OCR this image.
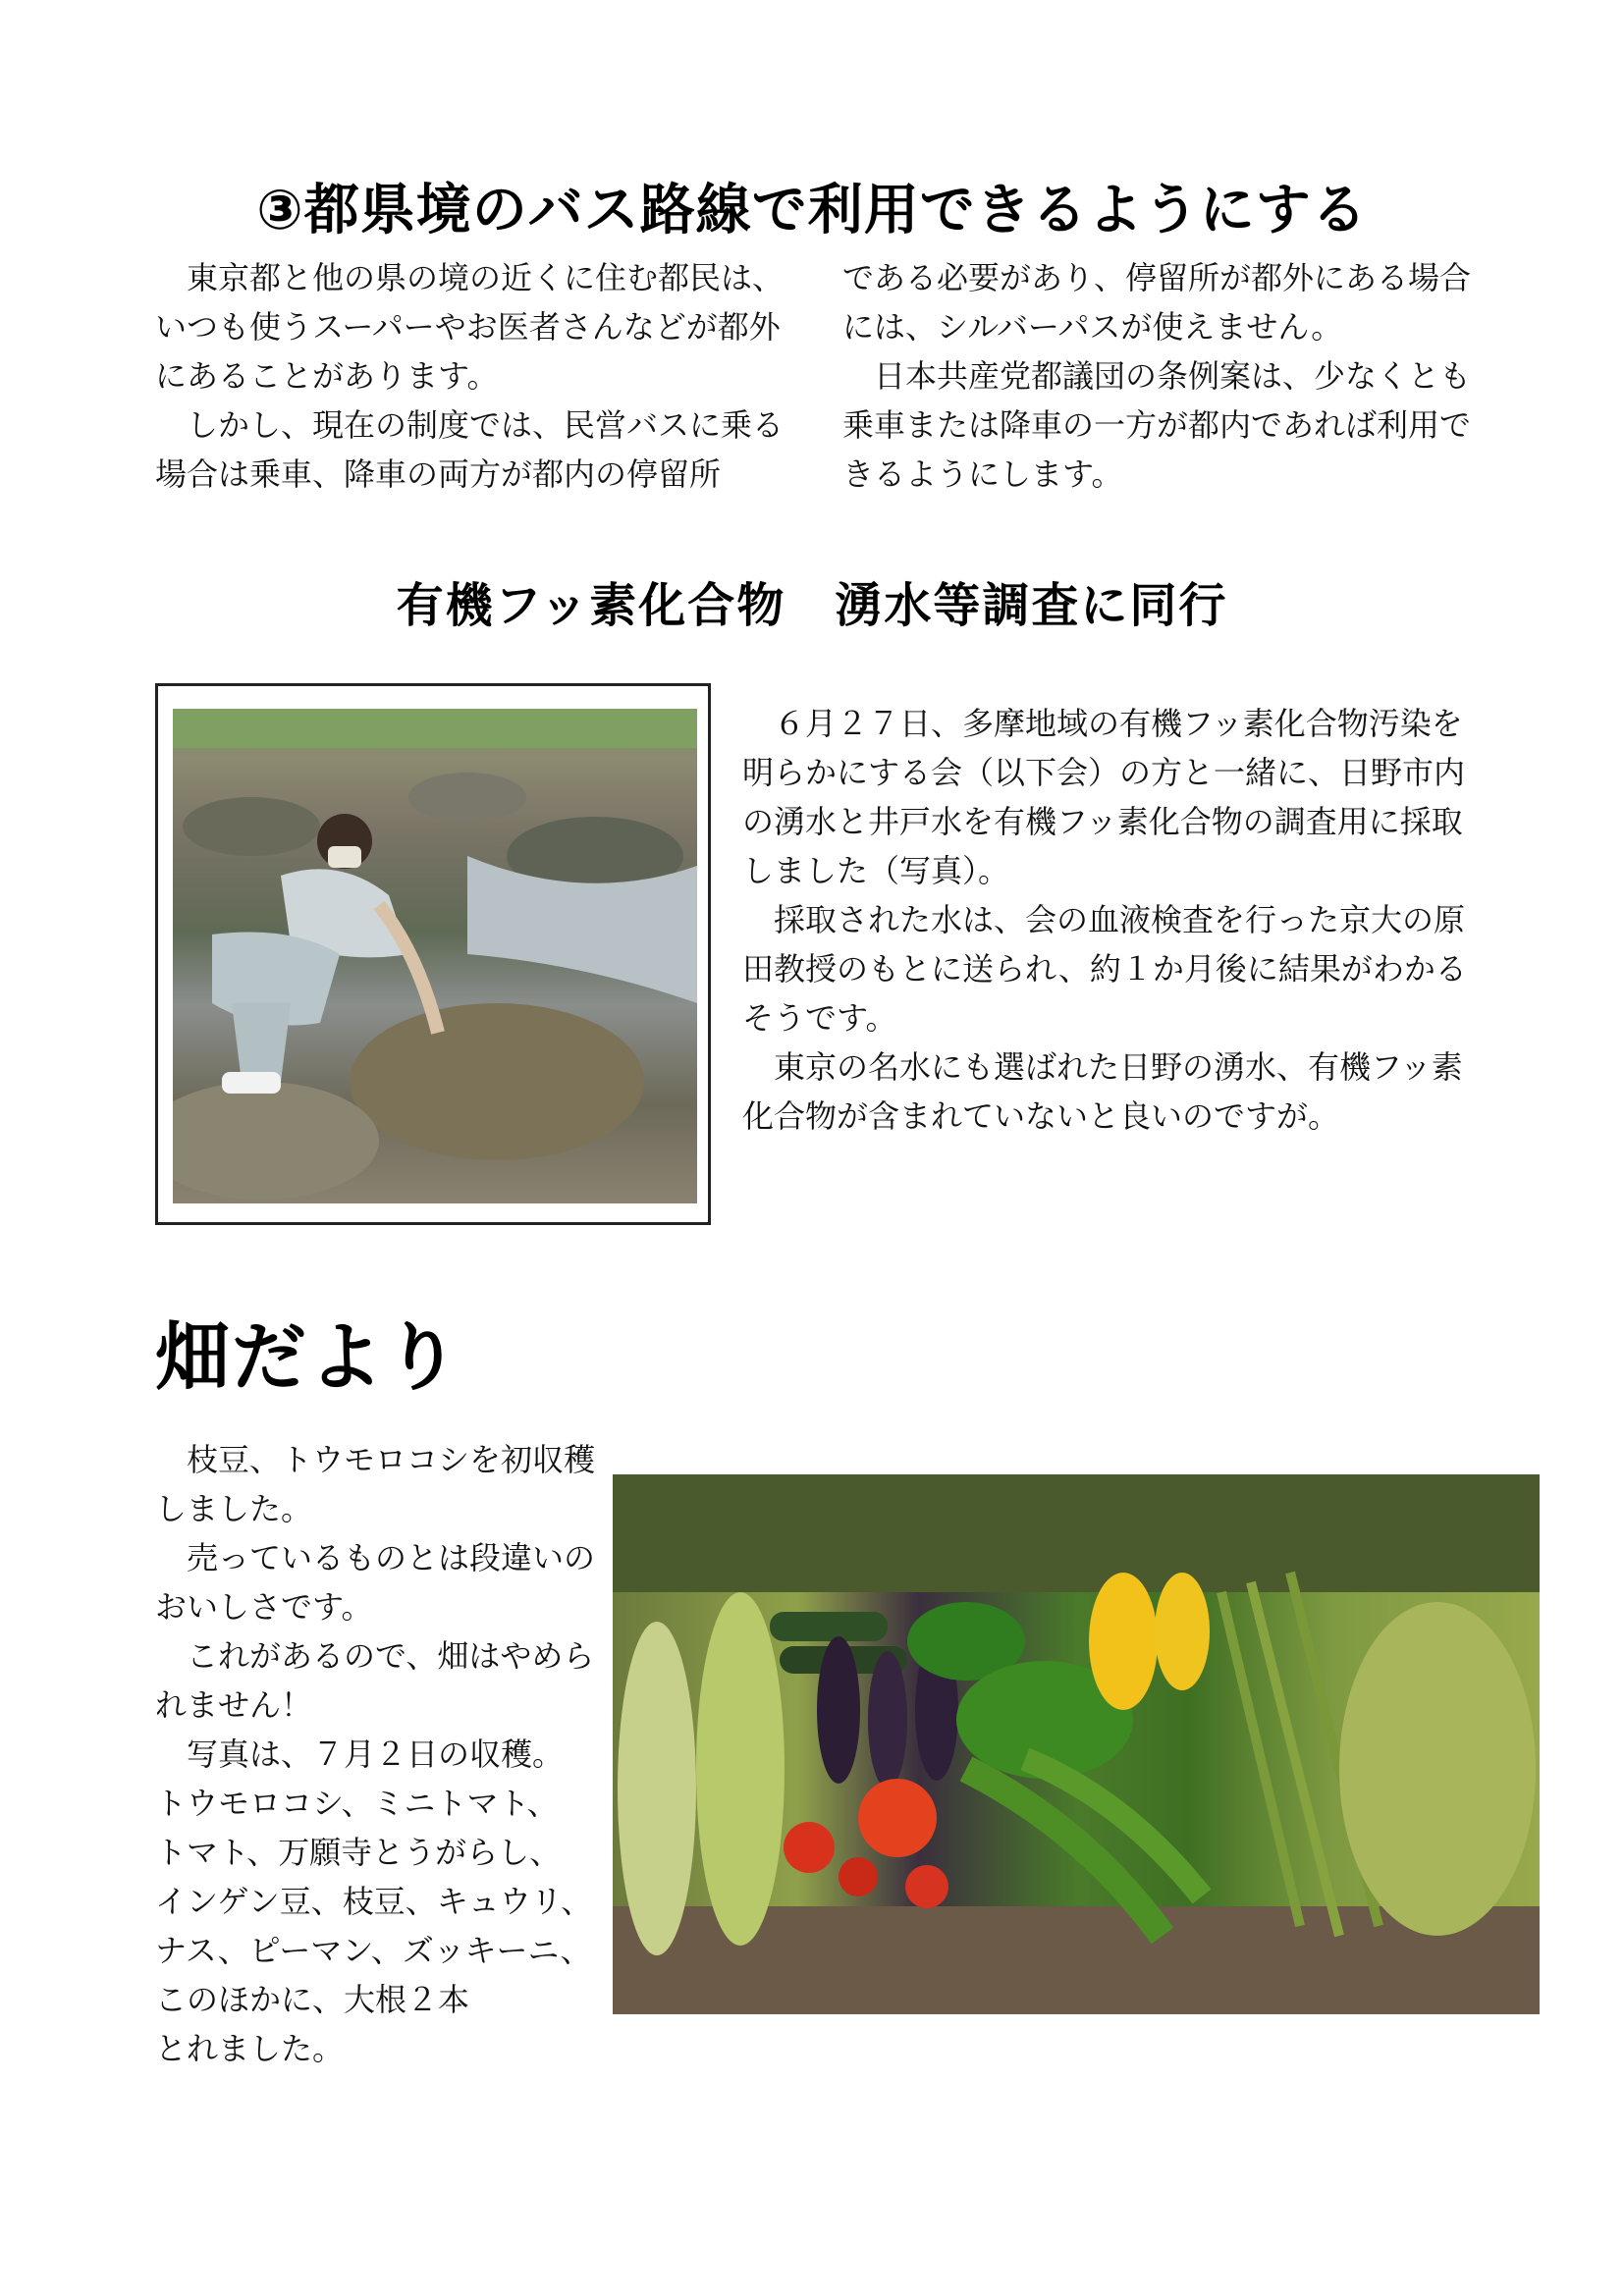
③都県境のバス路線で利用できるようにする

東京都と他の県の境の近くに住む都民は、いつも使うスーパーやお医者さんなどが都外にあることがあります。

しかし、現在の制度では、民営バスに乗る場合は乗車、降車の両方が都内の停留所

である必要があり、停留所が都外にある場合には、シルバーパスが使えません。

日本共産党都議団の条例案は、少なくとも乗車または降車の一方が都内であれば利用できるようにします。

有機フッ素化合物　湧水等調査に同行

６月２７日、多摩地域の有機フッ素化合物汚染を明らかにする会（以下会）の方と一緒に、日野市内の湧水と井戸水を有機フッ素化合物の調査用に採取しました（写真）。

採取された水は、会の血液検査を行った京大の原田教授のもとに送られ、約１か月後に結果がわかるそうです。

東京の名水にも選ばれた日野の湧水、有機フッ素化合物が含まれていないと良いのですが。

畑だより

枝豆、トウモロコシを初収穫しました。

売っているものとは段違いのおいしさです。

これがあるので、畑はやめられません！

写真は、７月２日の収穫。

トウモロコシ、ミニトマト、

トマト、万願寺とうがらし、

インゲン豆、枝豆、キュウリ、

ナス、ピーマン、ズッキーニ、

このほかに、大根２本

とれました。
